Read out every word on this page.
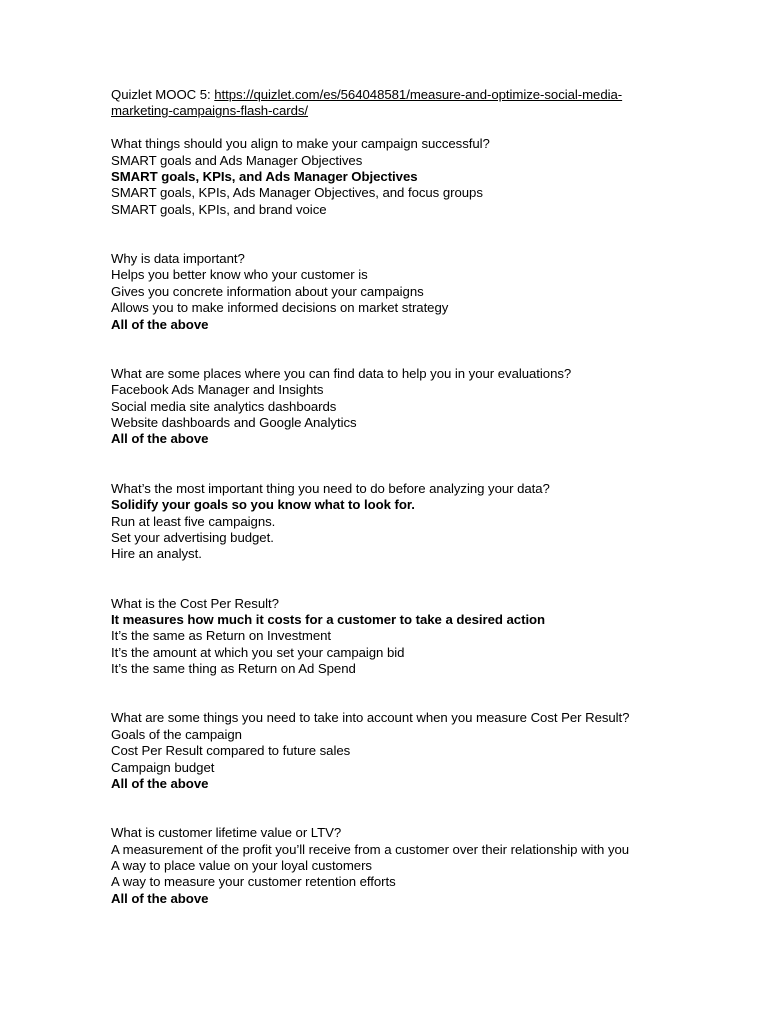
Quizlet MOOC 5: https://quizlet.com/es/564048581/measure-and-optimize-social-media-
marketing-campaigns-flash-cards/
What things should you align to make your campaign successful?
SMART goals and Ads Manager Objectives
SMART goals, KPIs, and Ads Manager Objectives
SMART goals, KPIs, Ads Manager Objectives, and focus groups
SMART goals, KPIs, and brand voice
Why is data important?
Helps you better know who your customer is
Gives you concrete information about your campaigns
Allows you to make informed decisions on market strategy
All of the above
What are some places where you can find data to help you in your evaluations?
Facebook Ads Manager and Insights
Social media site analytics dashboards
Website dashboards and Google Analytics
All of the above
What’s the most important thing you need to do before analyzing your data?
Solidify your goals so you know what to look for.
Run at least five campaigns.
Set your advertising budget.
Hire an analyst.
What is the Cost Per Result?
It measures how much it costs for a customer to take a desired action
It’s the same as Return on Investment
It’s the amount at which you set your campaign bid
It’s the same thing as Return on Ad Spend
What are some things you need to take into account when you measure Cost Per Result?
Goals of the campaign
Cost Per Result compared to future sales
Campaign budget
All of the above
What is customer lifetime value or LTV?
A measurement of the profit you’ll receive from a customer over their relationship with you
A way to place value on your loyal customers
A way to measure your customer retention efforts
All of the above
